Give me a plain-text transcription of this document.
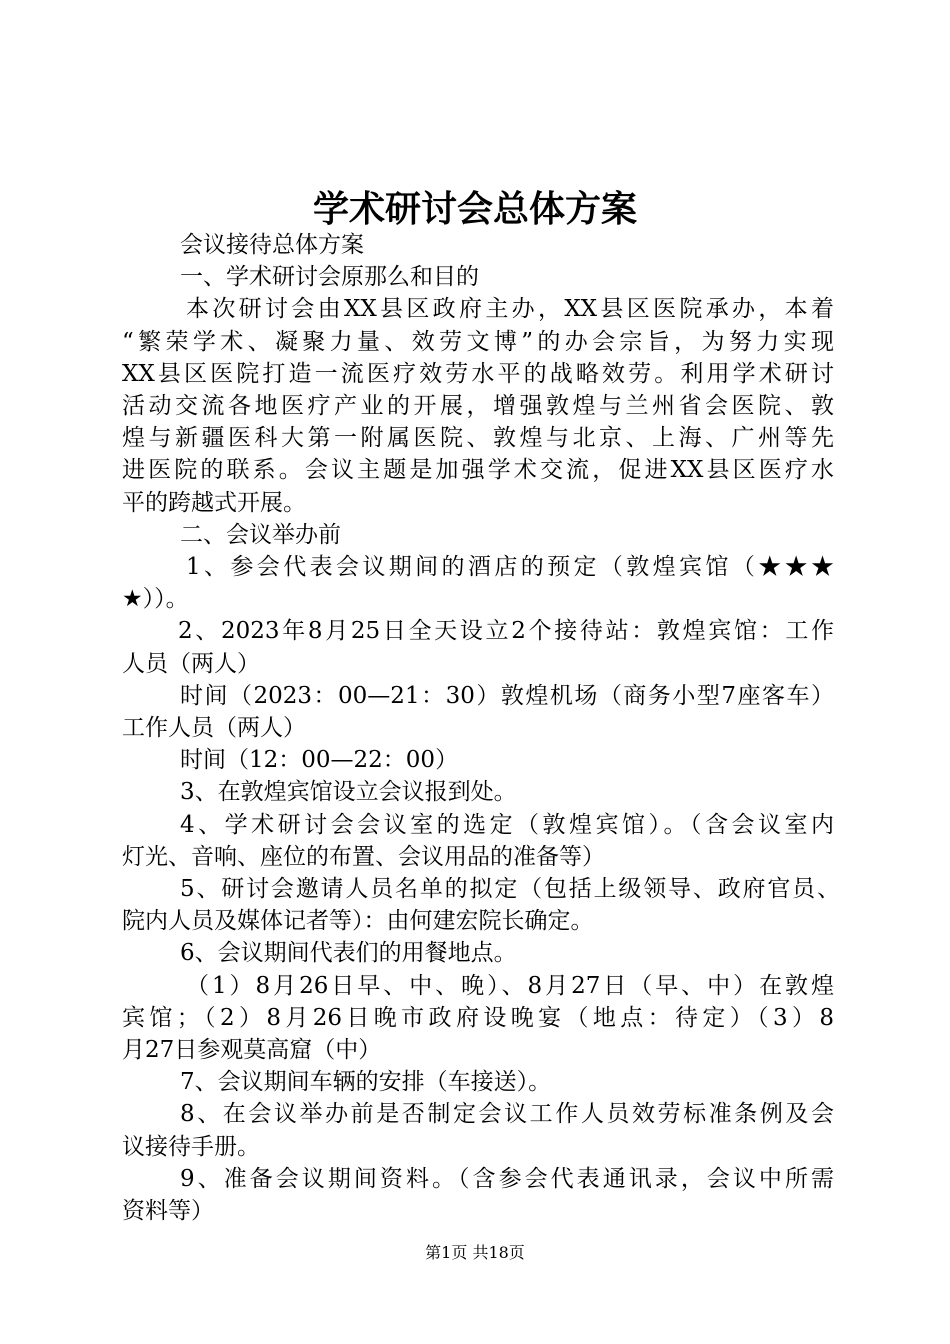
学术研讨会总体方案
会议接待总体方案
一、学术研讨会原那么和目的
本次研讨会由XX县区政府主办，XX县区医院承办，本着
“繁荣学术、凝聚力量、效劳文博”的办会宗旨，为努力实现
XX县区医院打造一流医疗效劳水平的战略效劳。利用学术研讨
活动交流各地医疗产业的开展，增强敦煌与兰州省会医院、敦
煌与新疆医科大第一附属医院、敦煌与北京、上海、广州等先
进医院的联系。会议主题是加强学术交流，促进XX县区医疗水
平的跨越式开展。
二、会议举办前
1、参会代表会议期间的酒店的预定（敦煌宾馆（★★★
★））。
2、2023年8月25日全天设立2个接待站：敦煌宾馆：工作
人员（两人）
时间（2023：00—21：30）敦煌机场（商务小型7座客车）
工作人员（两人）
时间（12：00—22：00）
3、在敦煌宾馆设立会议报到处。
4、学术研讨会会议室的选定（敦煌宾馆）。（含会议室内
灯光、音响、座位的布置、会议用品的准备等）
5、研讨会邀请人员名单的拟定（包括上级领导、政府官员、
院内人员及媒体记者等）：由何建宏院长确定。
6、会议期间代表们的用餐地点。
（1）8月26日早、中、晚）、8月27日（早、中）在敦煌
宾馆；（2）8月26日晚市政府设晚宴（地点：待定）（3）8
月27日参观莫高窟（中）
7、会议期间车辆的安排（车接送）。
8、在会议举办前是否制定会议工作人员效劳标准条例及会
议接待手册。
9、准备会议期间资料。（含参会代表通讯录，会议中所需
资料等）
第1页 共18页
